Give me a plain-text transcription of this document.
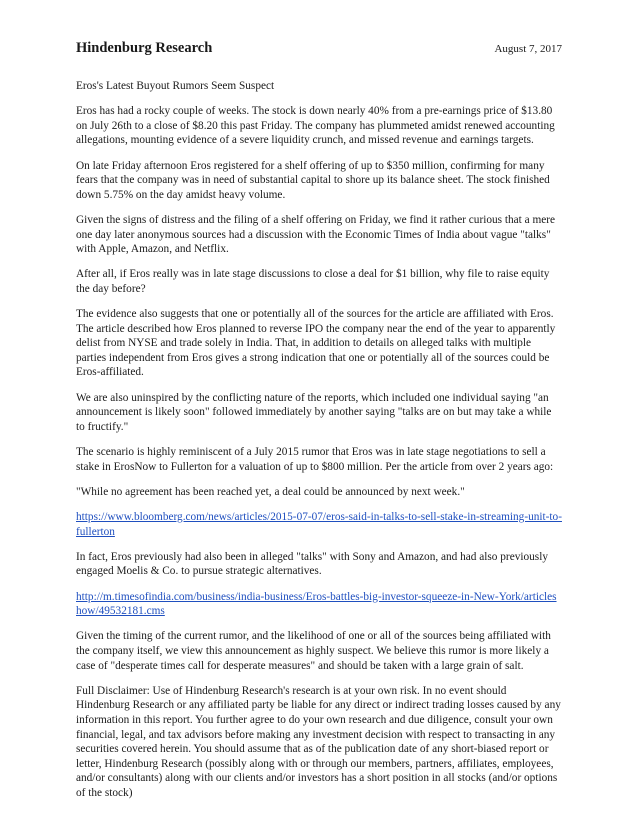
Hindenburg Research	August 7, 2017

Eros's Latest Buyout Rumors Seem Suspect

Eros has had a rocky couple of weeks. The stock is down nearly 40% from a pre-earnings price of $13.80 on July 26th to a close of $8.20 this past Friday. The company has plummeted amidst renewed accounting allegations, mounting evidence of a severe liquidity crunch, and missed revenue and earnings targets.

On late Friday afternoon Eros registered for a shelf offering of up to $350 million, confirming for many fears that the company was in need of substantial capital to shore up its balance sheet. The stock finished down 5.75% on the day amidst heavy volume.

Given the signs of distress and the filing of a shelf offering on Friday, we find it rather curious that a mere one day later anonymous sources had a discussion with the Economic Times of India about vague "talks" with Apple, Amazon, and Netflix.

After all, if Eros really was in late stage discussions to close a deal for $1 billion, why file to raise equity the day before?

The evidence also suggests that one or potentially all of the sources for the article are affiliated with Eros. The article described how Eros planned to reverse IPO the company near the end of the year to apparently delist from NYSE and trade solely in India. That, in addition to details on alleged talks with multiple parties independent from Eros gives a strong indication that one or potentially all of the sources could be Eros-affiliated.

We are also uninspired by the conflicting nature of the reports, which included one individual saying "an announcement is likely soon" followed immediately by another saying "talks are on but may take a while to fructify."

The scenario is highly reminiscent of a July 2015 rumor that Eros was in late stage negotiations to sell a stake in ErosNow to Fullerton for a valuation of up to $800 million. Per the article from over 2 years ago:

"While no agreement has been reached yet, a deal could be announced by next week."

https://www.bloomberg.com/news/articles/2015-07-07/eros-said-in-talks-to-sell-stake-in-streaming-unit-to-fullerton

In fact, Eros previously had also been in alleged "talks" with Sony and Amazon, and had also previously engaged Moelis & Co. to pursue strategic alternatives.

http://m.timesofindia.com/business/india-business/Eros-battles-big-investor-squeeze-in-New-York/articleshow/49532181.cms

Given the timing of the current rumor, and the likelihood of one or all of the sources being affiliated with the company itself, we view this announcement as highly suspect. We believe this rumor is more likely a case of "desperate times call for desperate measures" and should be taken with a large grain of salt.

Full Disclaimer: Use of Hindenburg Research's research is at your own risk. In no event should Hindenburg Research or any affiliated party be liable for any direct or indirect trading losses caused by any information in this report. You further agree to do your own research and due diligence, consult your own financial, legal, and tax advisors before making any investment decision with respect to transacting in any securities covered herein. You should assume that as of the publication date of any short-biased report or letter, Hindenburg Research (possibly along with or through our members, partners, affiliates, employees, and/or consultants) along with our clients and/or investors has a short position in all stocks (and/or options of the stock)
